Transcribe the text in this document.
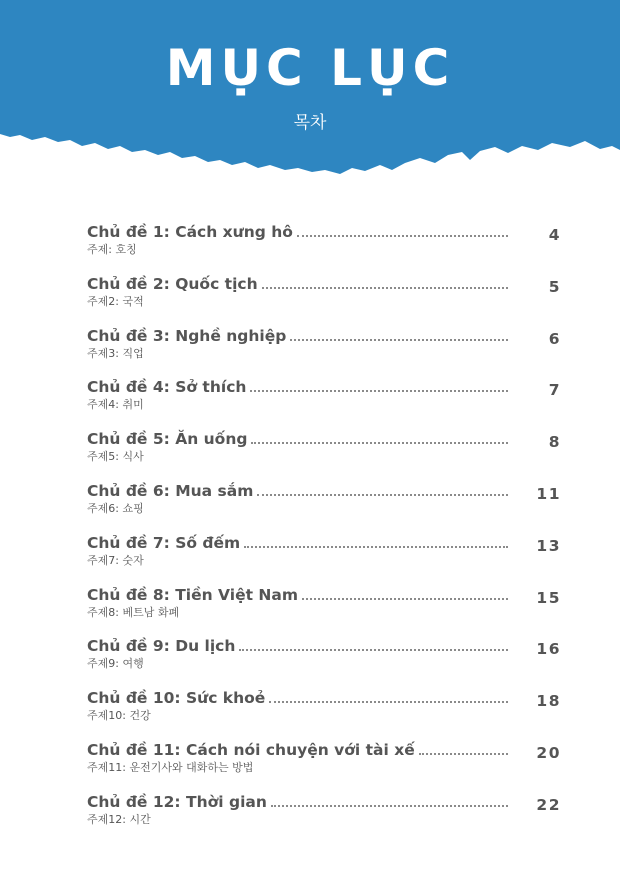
MỤC LỤC
목차
Chủ đề 1: Cách xưng hô	4
주제: 호칭
Chủ đề 2: Quốc tịch	5
주제2: 국적
Chủ đề 3: Nghề nghiệp	6
주제3: 직업
Chủ đề 4: Sở thích	7
주제4: 취미
Chủ đề 5: Ăn uống	8
주제5: 식사
Chủ đề 6: Mua sắm	11
주제6: 쇼핑
Chủ đề 7: Số đếm	13
주제7: 숫자
Chủ đề 8: Tiền Việt Nam	15
주제8: 베트남 화폐
Chủ đề 9: Du lịch	16
주제9: 여행
Chủ đề 10: Sức khoẻ	18
주제10: 건강
Chủ đề 11: Cách nói chuyện với tài xế	20
주제11: 운전기사와 대화하는 방법
Chủ đề 12: Thời gian	22
주제12: 시간
